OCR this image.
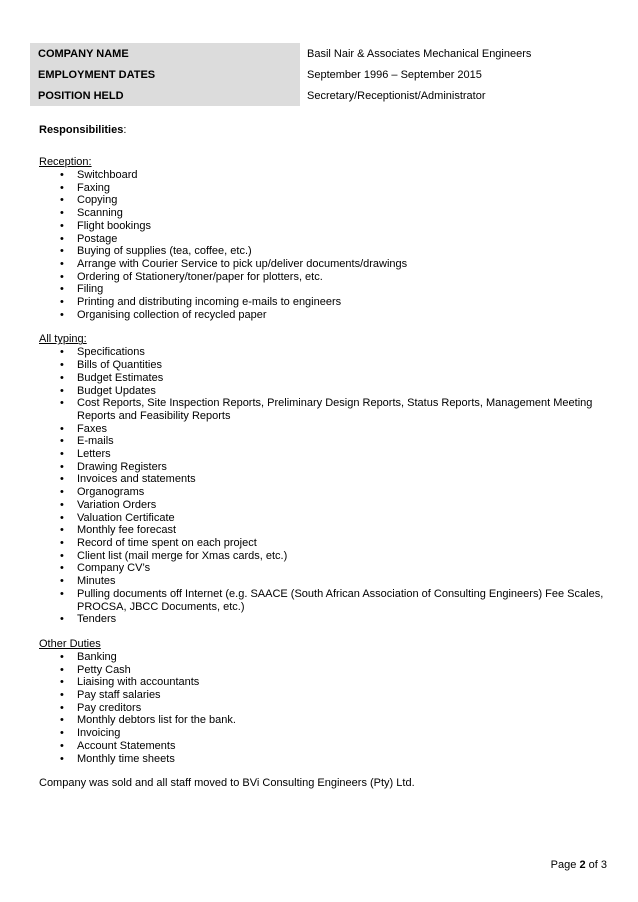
COMPANY NAME	Basil Nair & Associates Mechanical Engineers
EMPLOYMENT DATES	September 1996 – September 2015
POSITION HELD	Secretary/Receptionist/Administrator
Responsibilities:
Reception:
• Switchboard
• Faxing
• Copying
• Scanning
• Flight bookings
• Postage
• Buying of supplies (tea, coffee, etc.)
• Arrange with Courier Service to pick up/deliver documents/drawings
• Ordering of Stationery/toner/paper for plotters, etc.
• Filing
• Printing and distributing incoming e-mails to engineers
• Organising collection of recycled paper
All typing:
• Specifications
• Bills of Quantities
• Budget Estimates
• Budget Updates
• Cost Reports, Site Inspection Reports, Preliminary Design Reports, Status Reports, Management Meeting Reports and Feasibility Reports
• Faxes
• E-mails
• Letters
• Drawing Registers
• Invoices and statements
• Organograms
• Variation Orders
• Valuation Certificate
• Monthly fee forecast
• Record of time spent on each project
• Client list (mail merge for Xmas cards, etc.)
• Company CV’s
• Minutes
• Pulling documents off Internet (e.g. SAACE (South African Association of Consulting Engineers) Fee Scales, PROCSA, JBCC Documents, etc.)
• Tenders
Other Duties
• Banking
• Petty Cash
• Liaising with accountants
• Pay staff salaries
• Pay creditors
• Monthly debtors list for the bank.
• Invoicing
• Account Statements
• Monthly time sheets
Company was sold and all staff moved to BVi Consulting Engineers (Pty) Ltd.
Page 2 of 3
